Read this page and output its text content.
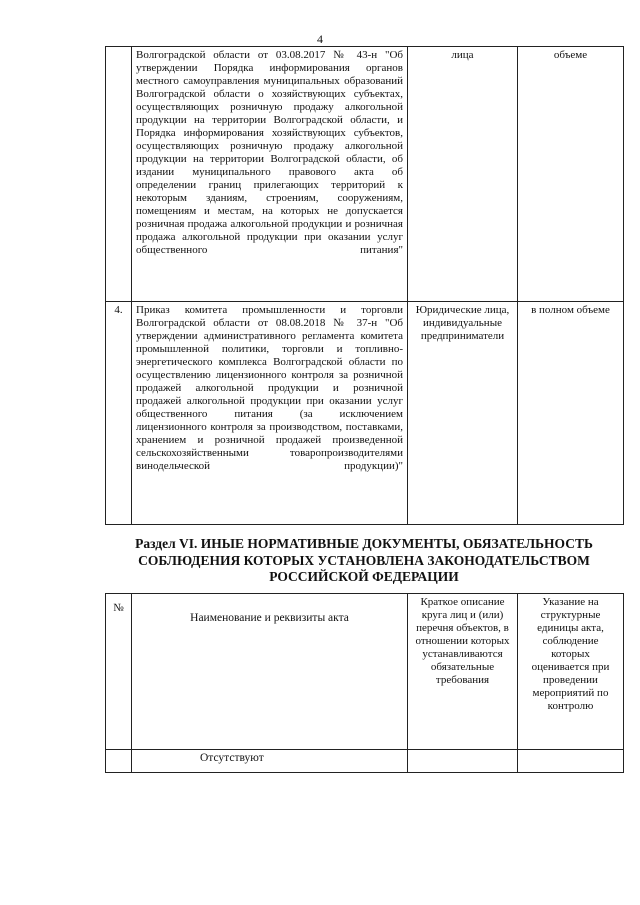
4
	Волгоградской области от 03.08.2017 № 43-н "Об утверждении Порядка информирования органов местного самоуправления муниципальных образований Волгоградской области о хозяйствующих субъектах, осуществляющих розничную продажу алкогольной продукции на территории Волгоградской области, и Порядка информирования хозяйствующих субъектов, осуществляющих розничную продажу алкогольной продукции на территории Волгоградской области, об издании муниципального правового акта об определении границ прилегающих территорий к некоторым зданиям, строениям, сооружениям, помещениям и местам, на которых не допускается розничная продажа алкогольной продукции и розничная продажа алкогольной продукции при оказании услуг общественного питания"	лица	объеме
4.	Приказ комитета промышленности и торговли Волгоградской области от 08.08.2018 № 37-н "Об утверждении административного регламента комитета промышленной политики, торговли и топливно-энергетического комплекса Волгоградской области по осуществлению лицензионного контроля за розничной продажей алкогольной продукции и розничной продажей алкогольной продукции при оказании услуг общественного питания (за исключением лицензионного контроля за производством, поставками, хранением и розничной продажей произведенной сельскохозяйственными товаропроизводителями винодельческой продукции)"	Юридические лица, индивидуальные предприниматели	в полном объеме
Раздел VI. ИНЫЕ НОРМАТИВНЫЕ ДОКУМЕНТЫ, ОБЯЗАТЕЛЬНОСТЬ СОБЛЮДЕНИЯ КОТОРЫХ УСТАНОВЛЕНА ЗАКОНОДАТЕЛЬСТВОМ РОССИЙСКОЙ ФЕДЕРАЦИИ
№	Наименование и реквизиты акта	Краткое описание круга лиц и (или) перечня объектов, в отношении которых устанавливаются обязательные требования	Указание на структурные единицы акта, соблюдение которых оценивается при проведении мероприятий по контролю
	Отсутствуют		
